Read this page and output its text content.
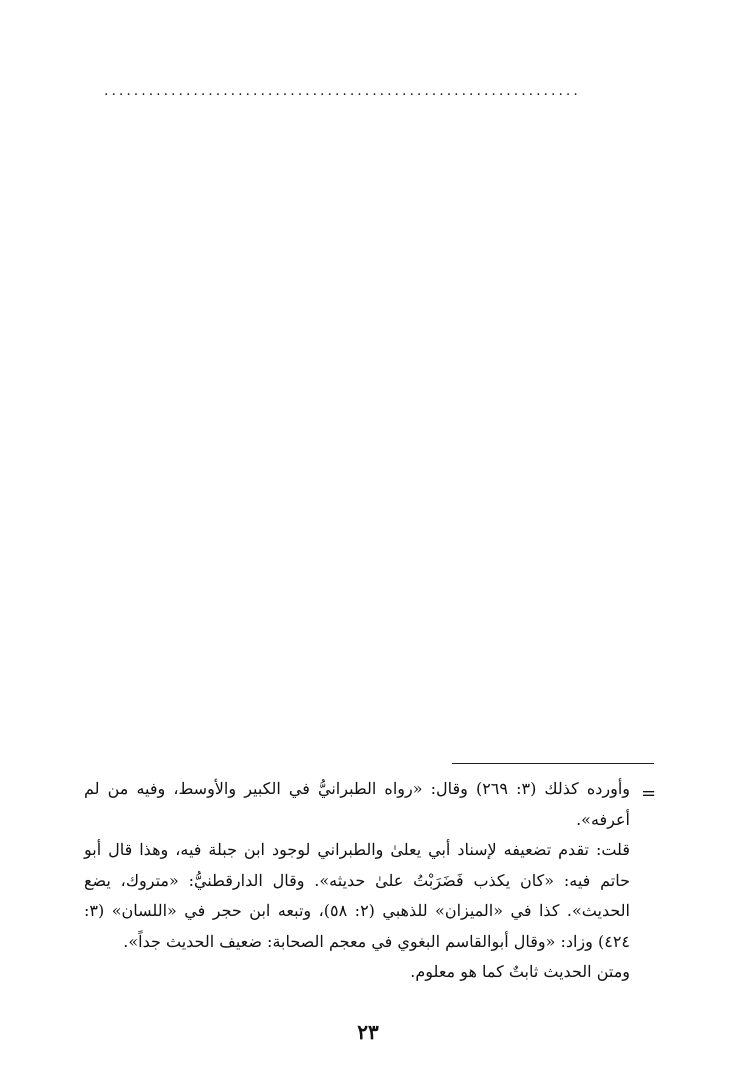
................................................................
=

وأورده كذلك (٣: ٢٦٩) وقال: «رواه الطبرانيُّ في الكبير والأوسط، وفيه من لم أعرفه».

قلت: تقدم تضعيفه لإسناد أبي يعلىٰ والطبراني لوجود ابن جبلة فيه، وهذا قال أبو حاتم فيه: «كان يكذب فَضَرَبْتُ علىٰ حديثه». وقال الدارقطنيُّ: «متروك، يضع الحديث». كذا في «الميزان» للذهبي (٢: ٥٨)، وتبعه ابن حجر في «اللسان» (٣: ٤٢٤) وزاد: «وقال أبوالقاسم البغوي في معجم الصحابة: ضعيف الحديث جداً».

ومتن الحديث ثابتٌ كما هو معلوم.

٢٣
